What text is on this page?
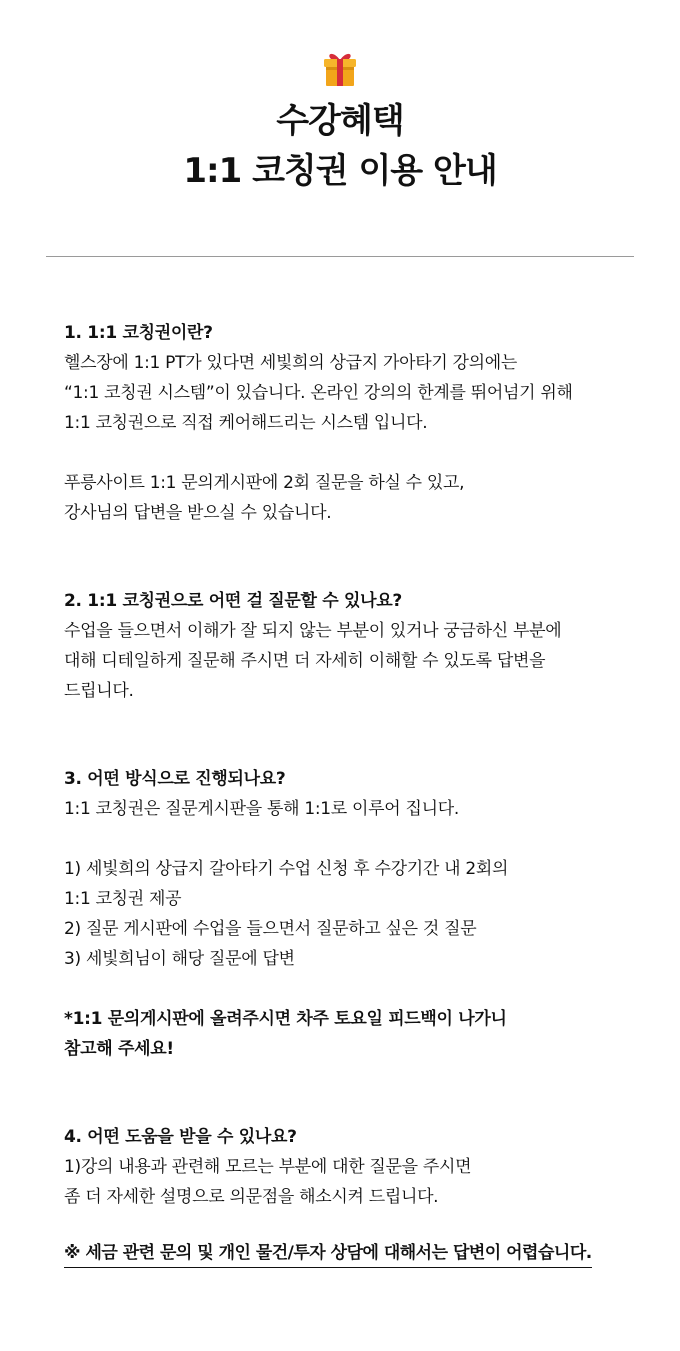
수강혜택
1:1 코칭권 이용 안내
1. 1:1 코칭권이란?
헬스장에 1:1 PT가 있다면 세빛희의 상급지 가아타기 강의에는
“1:1 코칭권 시스템”이 있습니다. 온라인 강의의 한계를 뛰어넘기 위해
1:1 코칭권으로 직접 케어해드리는 시스템 입니다.
푸릉사이트 1:1 문의게시판에 2회 질문을 하실 수 있고,
강사님의 답변을 받으실 수 있습니다.
2. 1:1 코칭권으로 어떤 걸 질문할 수 있나요?
수업을 들으면서 이해가 잘 되지 않는 부분이 있거나 궁금하신 부분에
대해 디테일하게 질문해 주시면 더 자세히 이해할 수 있도록 답변을
드립니다.
3. 어떤 방식으로 진행되나요?
1:1 코칭권은 질문게시판을 통해 1:1로 이루어 집니다.
1) 세빛희의 상급지 갈아타기 수업 신청 후 수강기간 내 2회의
1:1 코칭권 제공
2) 질문 게시판에 수업을 들으면서 질문하고 싶은 것 질문
3) 세빛희님이 해당 질문에 답변
*1:1 문의게시판에 올려주시면 차주 토요일 피드백이 나가니
참고해 주세요!
4. 어떤 도움을 받을 수 있나요?
1)강의 내용과 관련해 모르는 부분에 대한 질문을 주시면
좀 더 자세한 설명으로 의문점을 해소시켜 드립니다.
※ 세금 관련 문의 및 개인 물건/투자 상담에 대해서는 답변이 어렵습니다.
